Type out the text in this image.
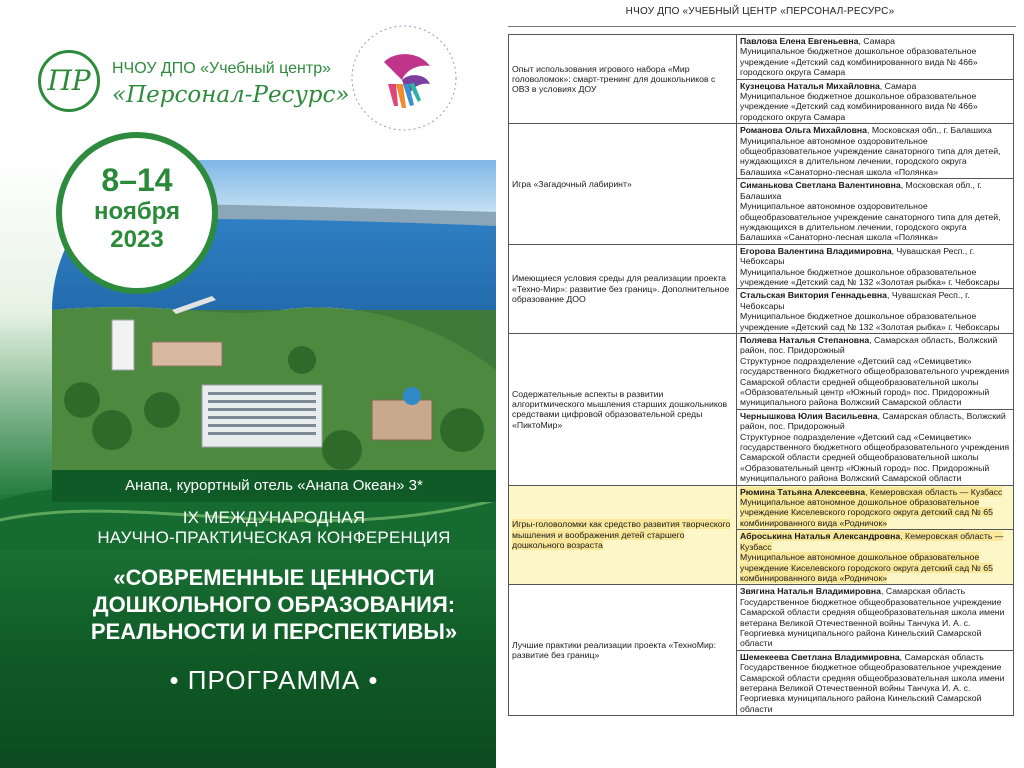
ПР	НЧОУ ДПО «Учебный центр»
«Персонал-Ресурс»
8–14
ноября
2023
Анапа, курортный отель «Анапа Океан» 3*
IX МЕЖДУНАРОДНАЯ
НАУЧНО-ПРАКТИЧЕСКАЯ КОНФЕРЕНЦИЯ
«СОВРЕМЕННЫЕ ЦЕННОСТИ
ДОШКОЛЬНОГО ОБРАЗОВАНИЯ:
РЕАЛЬНОСТИ И ПЕРСПЕКТИВЫ»
• ПРОГРАММА •
НЧОУ ДПО «УЧЕБНЫЙ ЦЕНТР «ПЕРСОНАЛ-РЕСУРС»
Опыт использования игрового набора «Мир головоломок»: смарт-тренинг для дошкольников с ОВЗ в условиях ДОУ	Павлова Елена Евгеньевна, Самара
Муниципальное бюджетное дошкольное образовательное учреждение «Детский сад комбинированного вида № 466» городского округа Самара
	Кузнецова Наталья Михайловна, Самара
Муниципальное бюджетное дошкольное образовательное учреждение «Детский сад комбинированного вида № 466» городского округа Самара
Игра «Загадочный лабиринт»	Романова Ольга Михайловна, Московская обл., г. Балашиха
Муниципальное автономное оздоровительное общеобразовательное учреждение санаторного типа для детей, нуждающихся в длительном лечении, городского округа Балашиха «Санаторно-лесная школа «Полянка»
	Симанькова Светлана Валентиновна, Московская обл., г. Балашиха
Муниципальное автономное оздоровительное общеобразовательное учреждение санаторного типа для детей, нуждающихся в длительном лечении, городского округа Балашиха «Санаторно-лесная школа «Полянка»
Имеющиеся условия среды для реализации проекта «Техно-Мир»: развитие без границ». Дополнительное образование ДОО	Егорова Валентина Владимировна, Чувашская Респ., г. Чебоксары
Муниципальное бюджетное дошкольное образовательное учреждение «Детский сад № 132 «Золотая рыбка» г. Чебоксары
	Стальская Виктория Геннадьевна, Чувашская Респ., г. Чебоксары
Муниципальное бюджетное дошкольное образовательное учреждение «Детский сад № 132 «Золотая рыбка» г. Чебоксары
Содержательные аспекты в развитии алгоритмического мышления старших дошкольников средствами цифровой образовательной среды «ПиктоМир»	Поляева Наталья Степановна, Самарская область, Волжский район, пос. Придорожный
Структурное подразделение «Детский сад «Семицветик» государственного бюджетного общеобразовательного учреждения Самарской области средней общеобразовательной школы «Образовательный центр «Южный город» пос. Придорожный муниципального района Волжский Самарской области
	Чернышкова Юлия Васильевна, Самарская область, Волжский район, пос. Придорожный
Структурное подразделение «Детский сад «Семицветик» государственного бюджетного общеобразовательного учреждения Самарской области средней общеобразовательной школы «Образовательный центр «Южный город» пос. Придорожный муниципального района Волжский Самарской области
Игры-головоломки как средство развития творческого мышления и воображения детей старшего дошкольного возраста	Рюмина Татьяна Алексеевна, Кемеровская область — Кузбасс
Муниципальное автономное дошкольное образовательное учреждение Киселевского городского округа детский сад № 65 комбинированного вида «Родничок»
	Аброськина Наталья Александровна, Кемеровская область — Кузбасс
Муниципальное автономное дошкольное образовательное учреждение Киселевского городского округа детский сад № 65 комбинированного вида «Родничок»
Лучшие практики реализации проекта «ТехноМир: развитие без границ»	Звягина Наталья Владимировна, Самарская область
Государственное бюджетное общеобразовательное учреждение Самарской области средняя общеобразовательная школа имени ветерана Великой Отечественной войны Танчука И. А. с. Георгиевка муниципального района Кинельский Самарской области
	Шемекеева Светлана Владимировна, Самарская область
Государственное бюджетное общеобразовательное учреждение Самарской области средняя общеобразовательная школа имени ветерана Великой Отечественной войны Танчука И. А. с. Георгиевка муниципального района Кинельский Самарской области
